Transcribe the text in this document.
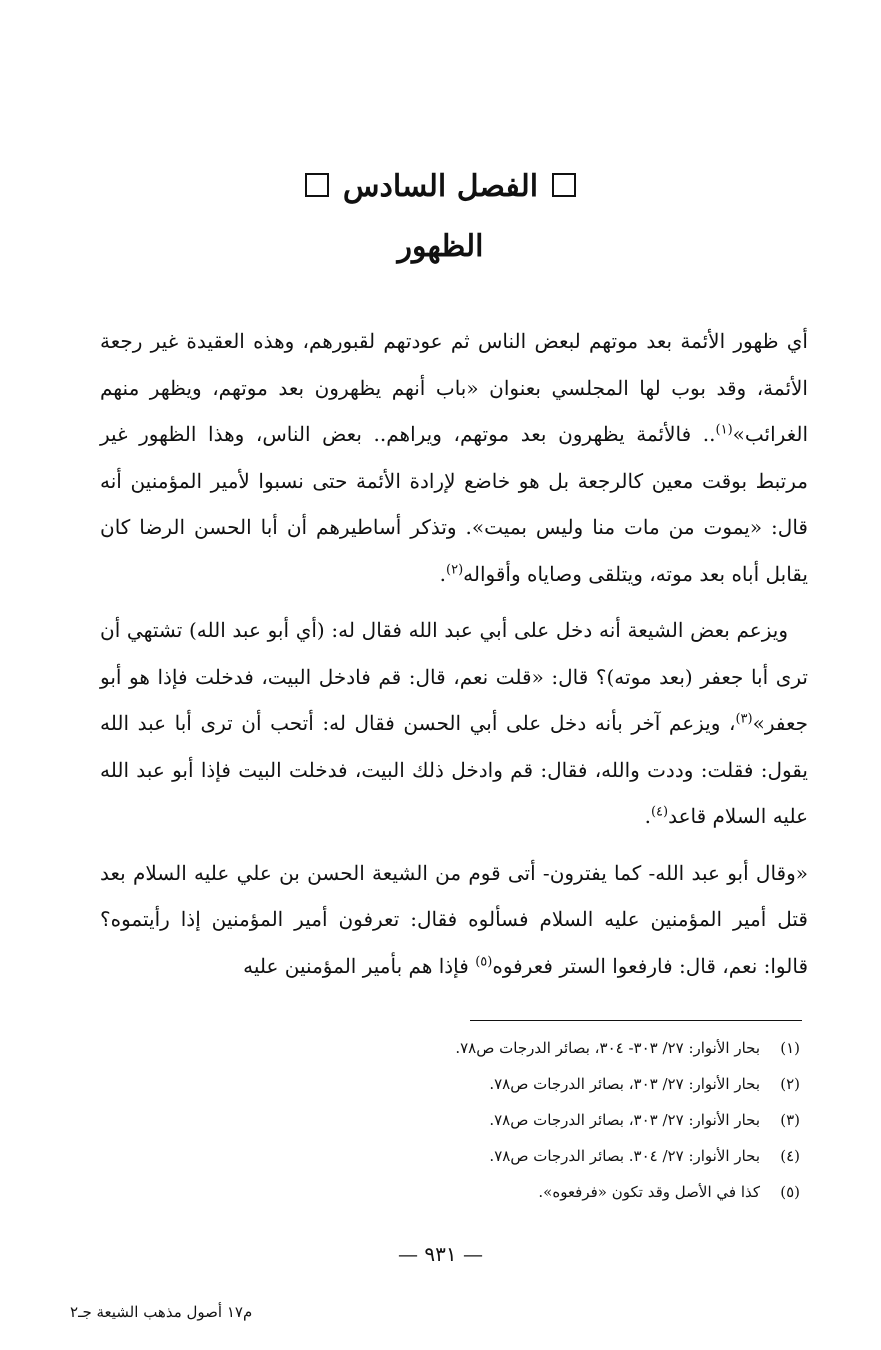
الفصل السادس
الظهور

أي ظهور الأئمة بعد موتهم لبعض الناس ثم عودتهم لقبورهم، وهذه العقيدة غير رجعة الأئمة، وقد بوب لها المجلسي بعنوان «باب أنهم يظهرون بعد موتهم، ويظهر منهم الغرائب»$^{(١)}$.. فالأئمة يظهرون بعد موتهم، ويراهم.. بعض الناس، وهذا الظهور غير مرتبط بوقت معين كالرجعة بل هو خاضع لإرادة الأئمة حتى نسبوا لأمير المؤمنين أنه قال: «يموت من مات منا وليس بميت». وتذكر أساطيرهم أن أبا الحسن الرضا كان يقابل أباه بعد موته، ويتلقى وصاياه وأقواله$^{(٢)}$.

ويزعم بعض الشيعة أنه دخل على أبي عبد الله فقال له: (أي أبو عبد الله) تشتهي أن ترى أبا جعفر (بعد موته)؟ قال: «قلت نعم، قال: قم فادخل البيت، فدخلت فإذا هو أبو جعفر»$^{(٣)}$، ويزعم آخر بأنه دخل على أبي الحسن فقال له: أتحب أن ترى أبا عبد الله يقول: فقلت: وددت والله، فقال: قم وادخل ذلك البيت، فدخلت البيت فإذا أبو عبد الله عليه السلام قاعد$^{(٤)}$.

«وقال أبو عبد الله- كما يفترون- أتى قوم من الشيعة الحسن بن علي عليه السلام بعد قتل أمير المؤمنين عليه السلام فسألوه فقال: تعرفون أمير المؤمنين إذا رأيتموه؟ قالوا: نعم، قال: فارفعوا الستر فعرفوه$^{(٥)}$ فإذا هم بأمير المؤمنين عليه

(١)بحار الأنوار: ٢٧/ ٣٠٣- ٣٠٤، بصائر الدرجات ص٧٨.
(٢)بحار الأنوار: ٢٧/ ٣٠٣، بصائر الدرجات ص٧٨.
(٣)بحار الأنوار: ٢٧/ ٣٠٣، بصائر الدرجات ص٧٨.
(٤)بحار الأنوار: ٢٧/ ٣٠٤. بصائر الدرجات ص٧٨.
(٥)كذا في الأصل وقد تكون «فرفعوه».
— ٩٣١ —
م١٧ أصول مذهب الشيعة جـ٢
